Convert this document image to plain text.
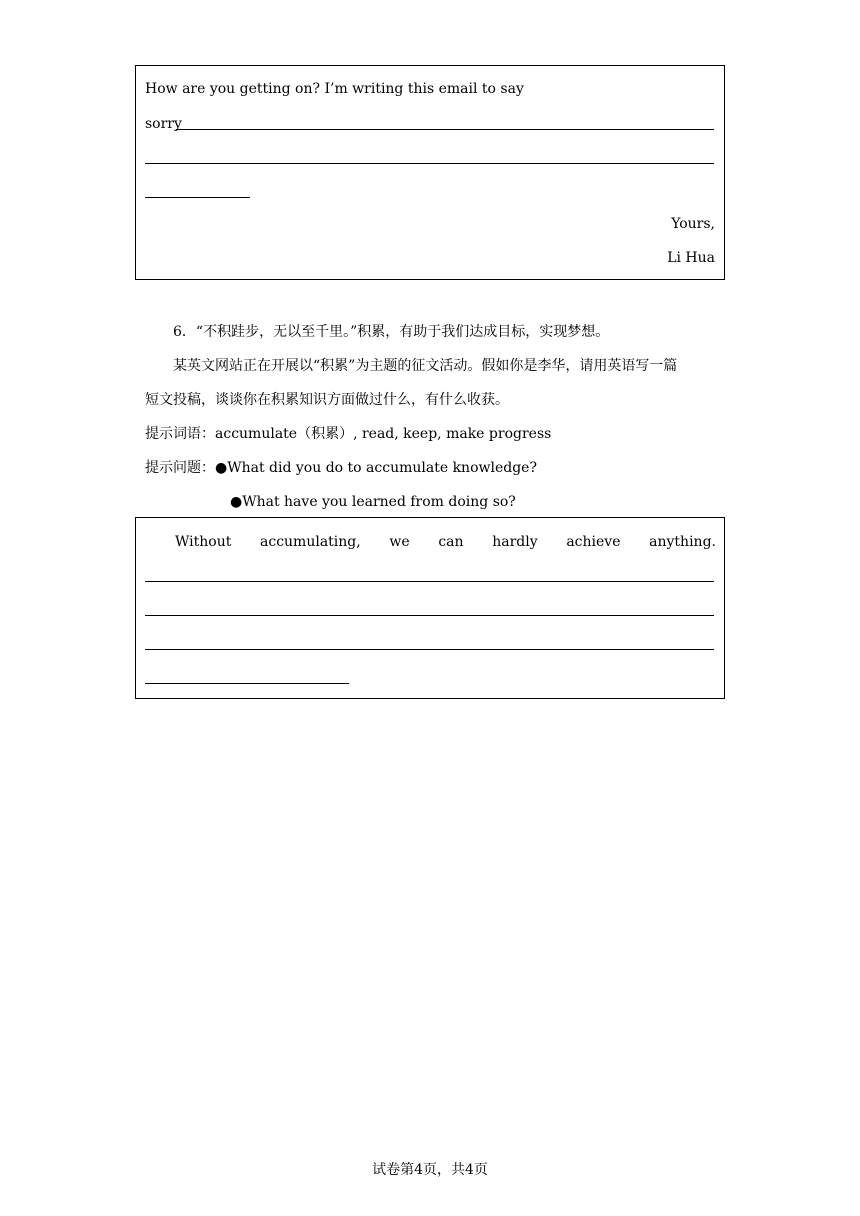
How are you getting on? I’m writing this email to say
sorry
Yours,
Li Hua
6．“不积跬步，无以至千里。”积累，有助于我们达成目标，实现梦想。
某英文网站正在开展以“积累”为主题的征文活动。假如你是李华，请用英语写一篇
短文投稿，谈谈你在积累知识方面做过什么，有什么收获。
提示词语：accumulate（积累）, read, keep, make progress
提示问题：●What did you do to accumulate knowledge?
●What have you learned from doing so?
Without accumulating, we can hardly achieve anything.
试卷第4页，共4页
